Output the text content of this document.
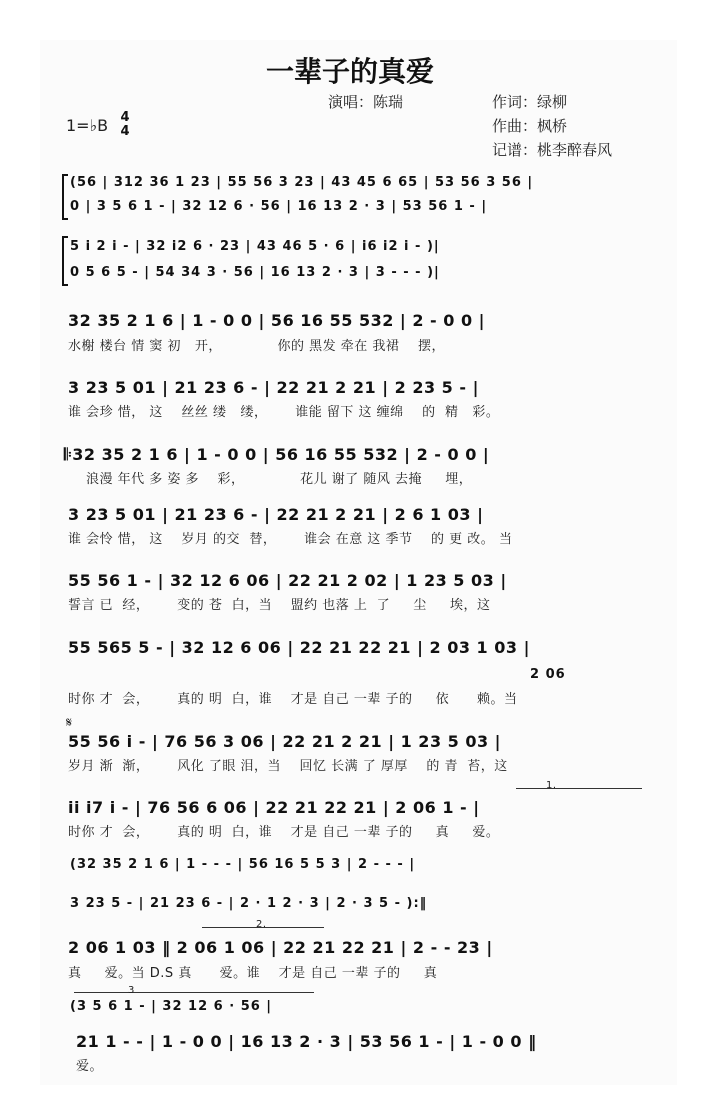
一辈子的真爱
演唱：陈瑞	作词：绿柳
作曲：枫桥
记谱：桃李醉春风
1=♭B 4
4
(56 | 312 36 1 23 | 55 56 3 23 | 43 45 6 65 | 53 56 3 56 |
0 | 3 5 6 1 - | 32 12 6 · 56 | 16 13 2 · 3 | 53 56 1 - |
5 i 2 i - | 32 i2 6 · 23 | 43 46 5 · 6 | i6 i2 i - )|
0 5 6 5 - | 54 34 3 · 56 | 16 13 2 · 3 | 3 - - - )|
32 35 2 1 6 | 1 - 0 0 | 56 16 55 532 | 2 - 0 0 |
水榭 楼台 情 窦 初   开，            你的 黑发 牵在 我裙    摆，
3 23 5 01 | 21 23 6 - | 22 21 2 21 | 2 23 5 - |
谁 会珍 惜， 这    丝丝 缕   缕，      谁能 留下 这 缠绵    的  精   彩。
𝄆32 35 2 1 6 | 1 - 0 0 | 56 16 55 532 | 2 - 0 0 |
浪漫 年代 多 姿 多    彩，            花儿 谢了 随风 去掩     埋，
3 23 5 01 | 21 23 6 - | 22 21 2 21 | 2 6 1 03 |
谁 会怜 惜， 这    岁月 的交  替，      谁会 在意 这 季节    的 更 改。 当
55 56 1 - | 32 12 6 06 | 22 21 2 02 | 1 23 5 03 |
誓言 已  经，      变的 苍  白，当    盟约 也落 上  了     尘     埃，这
55 565 5 - | 32 12 6 06 | 22 21 22 21 | 2 03 1 03 |
2 06
时你 才  会，      真的 明  白，谁    才是 自己 一辈 子的     依      赖。当
𝄋
55 56 i - | 76 56 3 06 | 22 21 2 21 | 1 23 5 03 |
岁月 渐  渐，      风化 了眼 泪，当    回忆 长满 了 厚厚    的 青  苔，这
1.
ii i7 i - | 76 56 6 06 | 22 21 22 21 | 2 06 1 - |
时你 才  会，      真的 明  白，谁    才是 自己 一辈 子的     真     爱。
(32 35 2 1 6 | 1 - - - | 56 16 5 5 3 | 2 - - - |
3 23 5 - | 21 23 6 - | 2 · 1 2 · 3 | 2 · 3 5 - ):‖
2.
2 06 1 03 ‖ 2 06 1 06 | 22 21 22 21 | 2 - - 23 |
真     爱。当 D.S 真      爱。谁    才是 自己 一辈 子的     真
3
(3 5 6 1 - | 32 12 6 · 56 |
21 1 - - | 1 - 0 0 | 16 13 2 · 3 | 53 56 1 - | 1 - 0 0 ‖
爱。
